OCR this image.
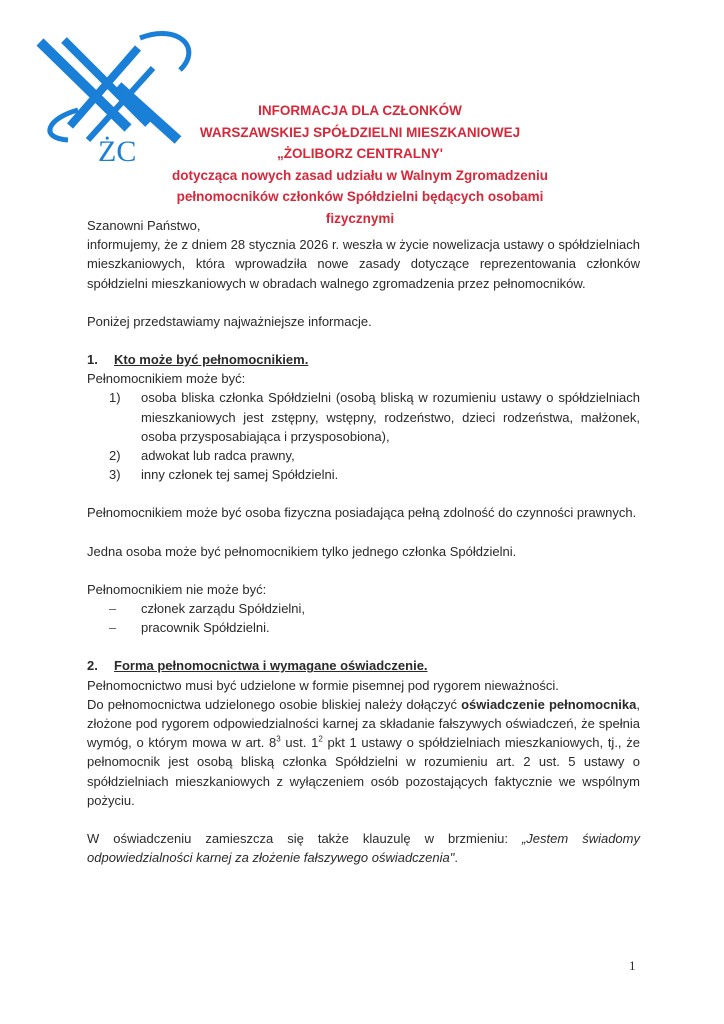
ŻC
INFORMACJA DLA CZŁONKÓW
WARSZAWSKIEJ SPÓŁDZIELNI MIESZKANIOWEJ
„ŻOLIBORZ CENTRALNY'
dotycząca nowych zasad udziału w Walnym Zgromadzeniu
pełnomocników członków Spółdzielni będących osobami fizycznymi

Szanowni Państwo,

informujemy, że z dniem 28 stycznia 2026 r. weszła w życie nowelizacja ustawy o spółdzielniach mieszkaniowych, która wprowadziła nowe zasady dotyczące reprezentowania członków spółdzielni mieszkaniowych w obradach walnego zgromadzenia przez pełnomocników.

Poniżej przedstawiamy najważniejsze informacje.

1.	Kto może być pełnomocnikiem.

Pełnomocnikiem może być:

1)	osoba bliska członka Spółdzielni (osobą bliską w rozumieniu ustawy o spółdzielniach mieszkaniowych jest zstępny, wstępny, rodzeństwo, dzieci rodzeństwa, małżonek, osoba przysposabiająca i przysposobiona),
2)	adwokat lub radca prawny,
3)	inny członek tej samej Spółdzielni.

Pełnomocnikiem może być osoba fizyczna posiadająca pełną zdolność do czynności prawnych.

Jedna osoba może być pełnomocnikiem tylko jednego członka Spółdzielni.

Pełnomocnikiem nie może być:

–	członek zarządu Spółdzielni,
–	pracownik Spółdzielni.
2.	Forma pełnomocnictwa i wymagane oświadczenie.

Pełnomocnictwo musi być udzielone w formie pisemnej pod rygorem nieważności.

Do pełnomocnictwa udzielonego osobie bliskiej należy dołączyć oświadczenie pełnomocnika, złożone pod rygorem odpowiedzialności karnej za składanie fałszywych oświadczeń, że spełnia wymóg, o którym mowa w art. $8^3$ ust. $1^2$ pkt 1 ustawy o spółdzielniach mieszkaniowych, tj., że pełnomocnik jest osobą bliską członka Spółdzielni w rozumieniu art. 2 ust. 5 ustawy o spółdzielniach mieszkaniowych z wyłączeniem osób pozostających faktycznie we wspólnym pożyciu.

W oświadczeniu zamieszcza się także klauzulę w brzmieniu: „Jestem świadomy odpowiedzialności karnej za złożenie fałszywego oświadczenia".

1
